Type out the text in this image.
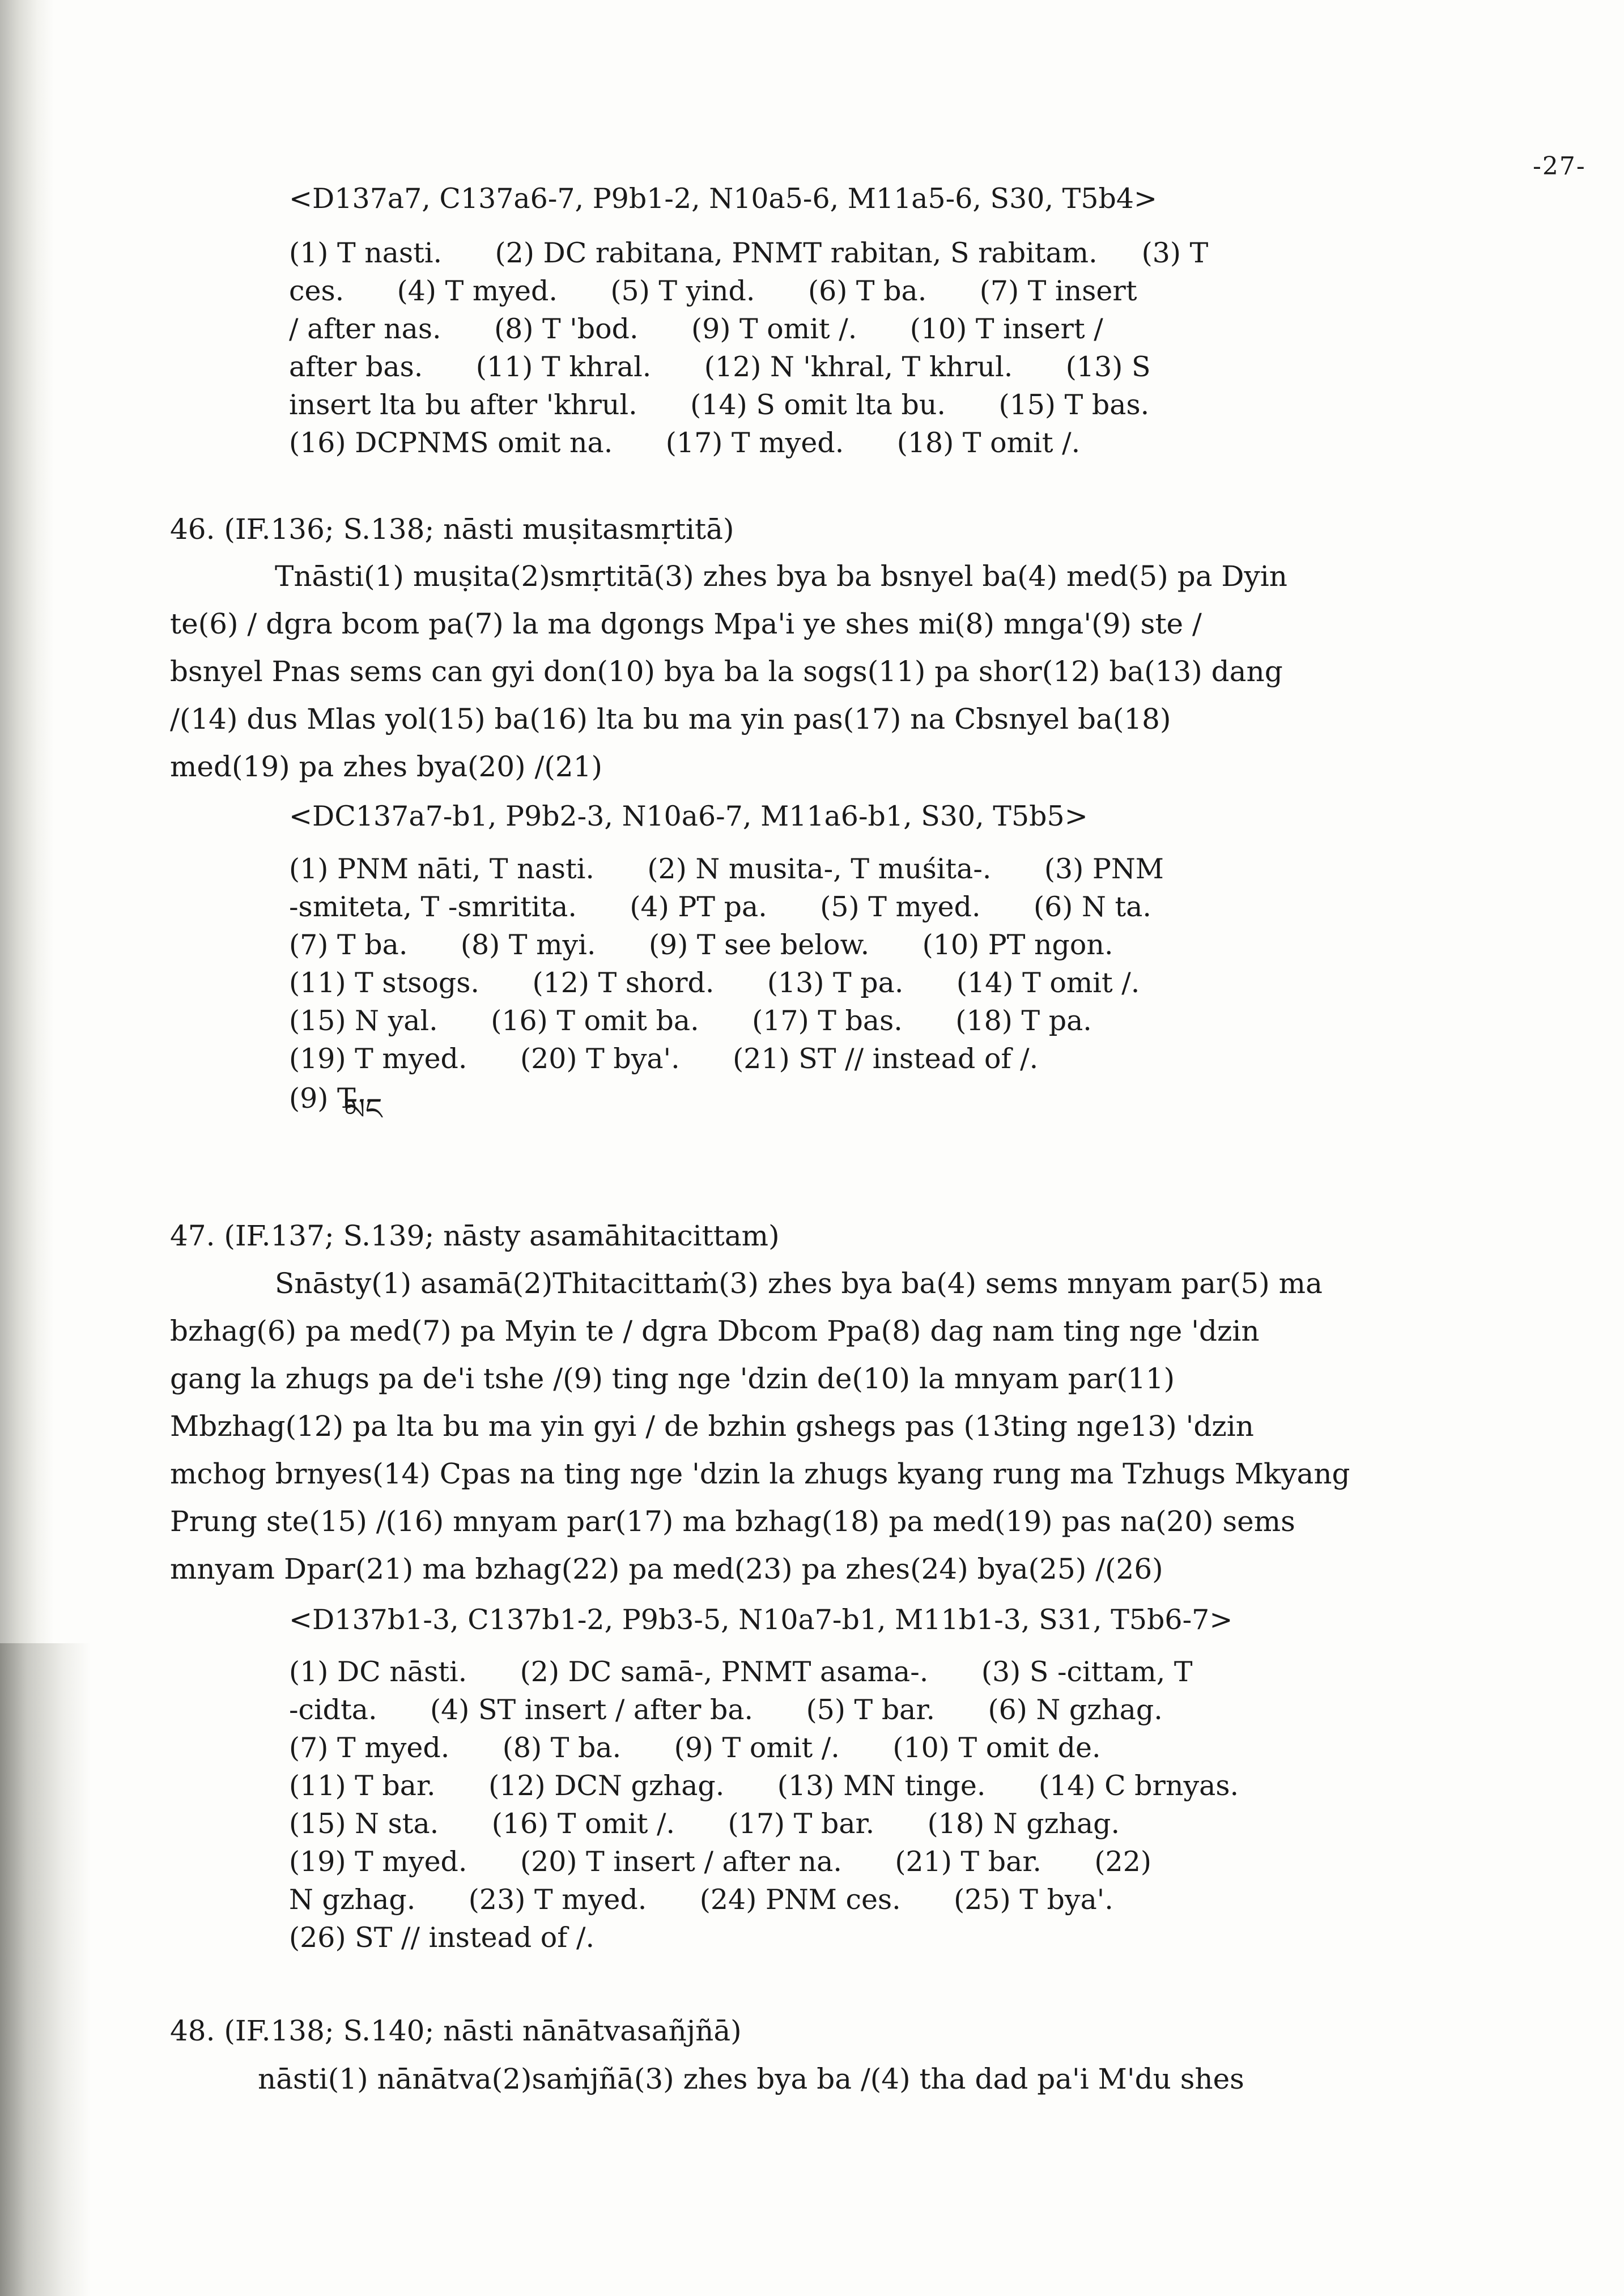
-27-
<D137a7, C137a6-7, P9b1-2, N10a5-6, M11a5-6, S30, T5b4>
(1) T nasti.      (2) DC rabitana, PNMT rabitan, S rabitam.     (3) T
ces.      (4) T myed.      (5) T yind.      (6) T ba.      (7) T insert
/ after nas.      (8) T 'bod.      (9) T omit /.      (10) T insert /
after bas.      (11) T khral.      (12) N 'khral, T khrul.      (13) S
insert lta bu after 'khrul.      (14) S omit lta bu.      (15) T bas.
(16) DCPNMS omit na.      (17) T myed.      (18) T omit /.
46. (IF.136; S.138; nāsti muṣitasmṛtitā)
Tnāsti(1) muṣita(2)smṛtitā(3) zhes bya ba bsnyel ba(4) med(5) pa Dyin
te(6) / dgra bcom pa(7) la ma dgongs Mpa'i ye shes mi(8) mnga'(9) ste /
bsnyel Pnas sems can gyi don(10) bya ba la sogs(11) pa shor(12) ba(13) dang
/(14) dus Mlas yol(15) ba(16) lta bu ma yin pas(17) na Cbsnyel ba(18)
med(19) pa zhes bya(20) /(21)
<DC137a7-b1, P9b2-3, N10a6-7, M11a6-b1, S30, T5b5>
(1) PNM nāti, T nasti.      (2) N musita-, T muśita-.      (3) PNM
-smiteta, T -smritita.      (4) PT pa.      (5) T myed.      (6) N ta.
(7) T ba.      (8) T myi.      (9) T see below.      (10) PT ngon.
(11) T stsogs.      (12) T shord.      (13) T pa.      (14) T omit /.
(15) N yal.      (16) T omit ba.      (17) T bas.      (18) T pa.
(19) T myed.      (20) T bya'.      (21) ST // instead of /.
(9) T
མང
47. (IF.137; S.139; nāsty asamāhitacittam)
Snāsty(1) asamā(2)Thitacittaṁ(3) zhes bya ba(4) sems mnyam par(5) ma
bzhag(6) pa med(7) pa Myin te / dgra Dbcom Ppa(8) dag nam ting nge 'dzin
gang la zhugs pa de'i tshe /(9) ting nge 'dzin de(10) la mnyam par(11)
Mbzhag(12) pa lta bu ma yin gyi / de bzhin gshegs pas (13ting nge13) 'dzin
mchog brnyes(14) Cpas na ting nge 'dzin la zhugs kyang rung ma Tzhugs Mkyang
Prung ste(15) /(16) mnyam par(17) ma bzhag(18) pa med(19) pas na(20) sems
mnyam Dpar(21) ma bzhag(22) pa med(23) pa zhes(24) bya(25) /(26)
<D137b1-3, C137b1-2, P9b3-5, N10a7-b1, M11b1-3, S31, T5b6-7>
(1) DC nāsti.      (2) DC samā-, PNMT asama-.      (3) S -cittam, T
-cidta.      (4) ST insert / after ba.      (5) T bar.      (6) N gzhag.
(7) T myed.      (8) T ba.      (9) T omit /.      (10) T omit de.
(11) T bar.      (12) DCN gzhag.      (13) MN tinge.      (14) C brnyas.
(15) N sta.      (16) T omit /.      (17) T bar.      (18) N gzhag.
(19) T myed.      (20) T insert / after na.      (21) T bar.      (22)
N gzhag.      (23) T myed.      (24) PNM ces.      (25) T bya'.
(26) ST // instead of /.
48. (IF.138; S.140; nāsti nānātvasañjñā)
nāsti(1) nānātva(2)saṁjñā(3) zhes bya ba /(4) tha dad pa'i M'du shes
